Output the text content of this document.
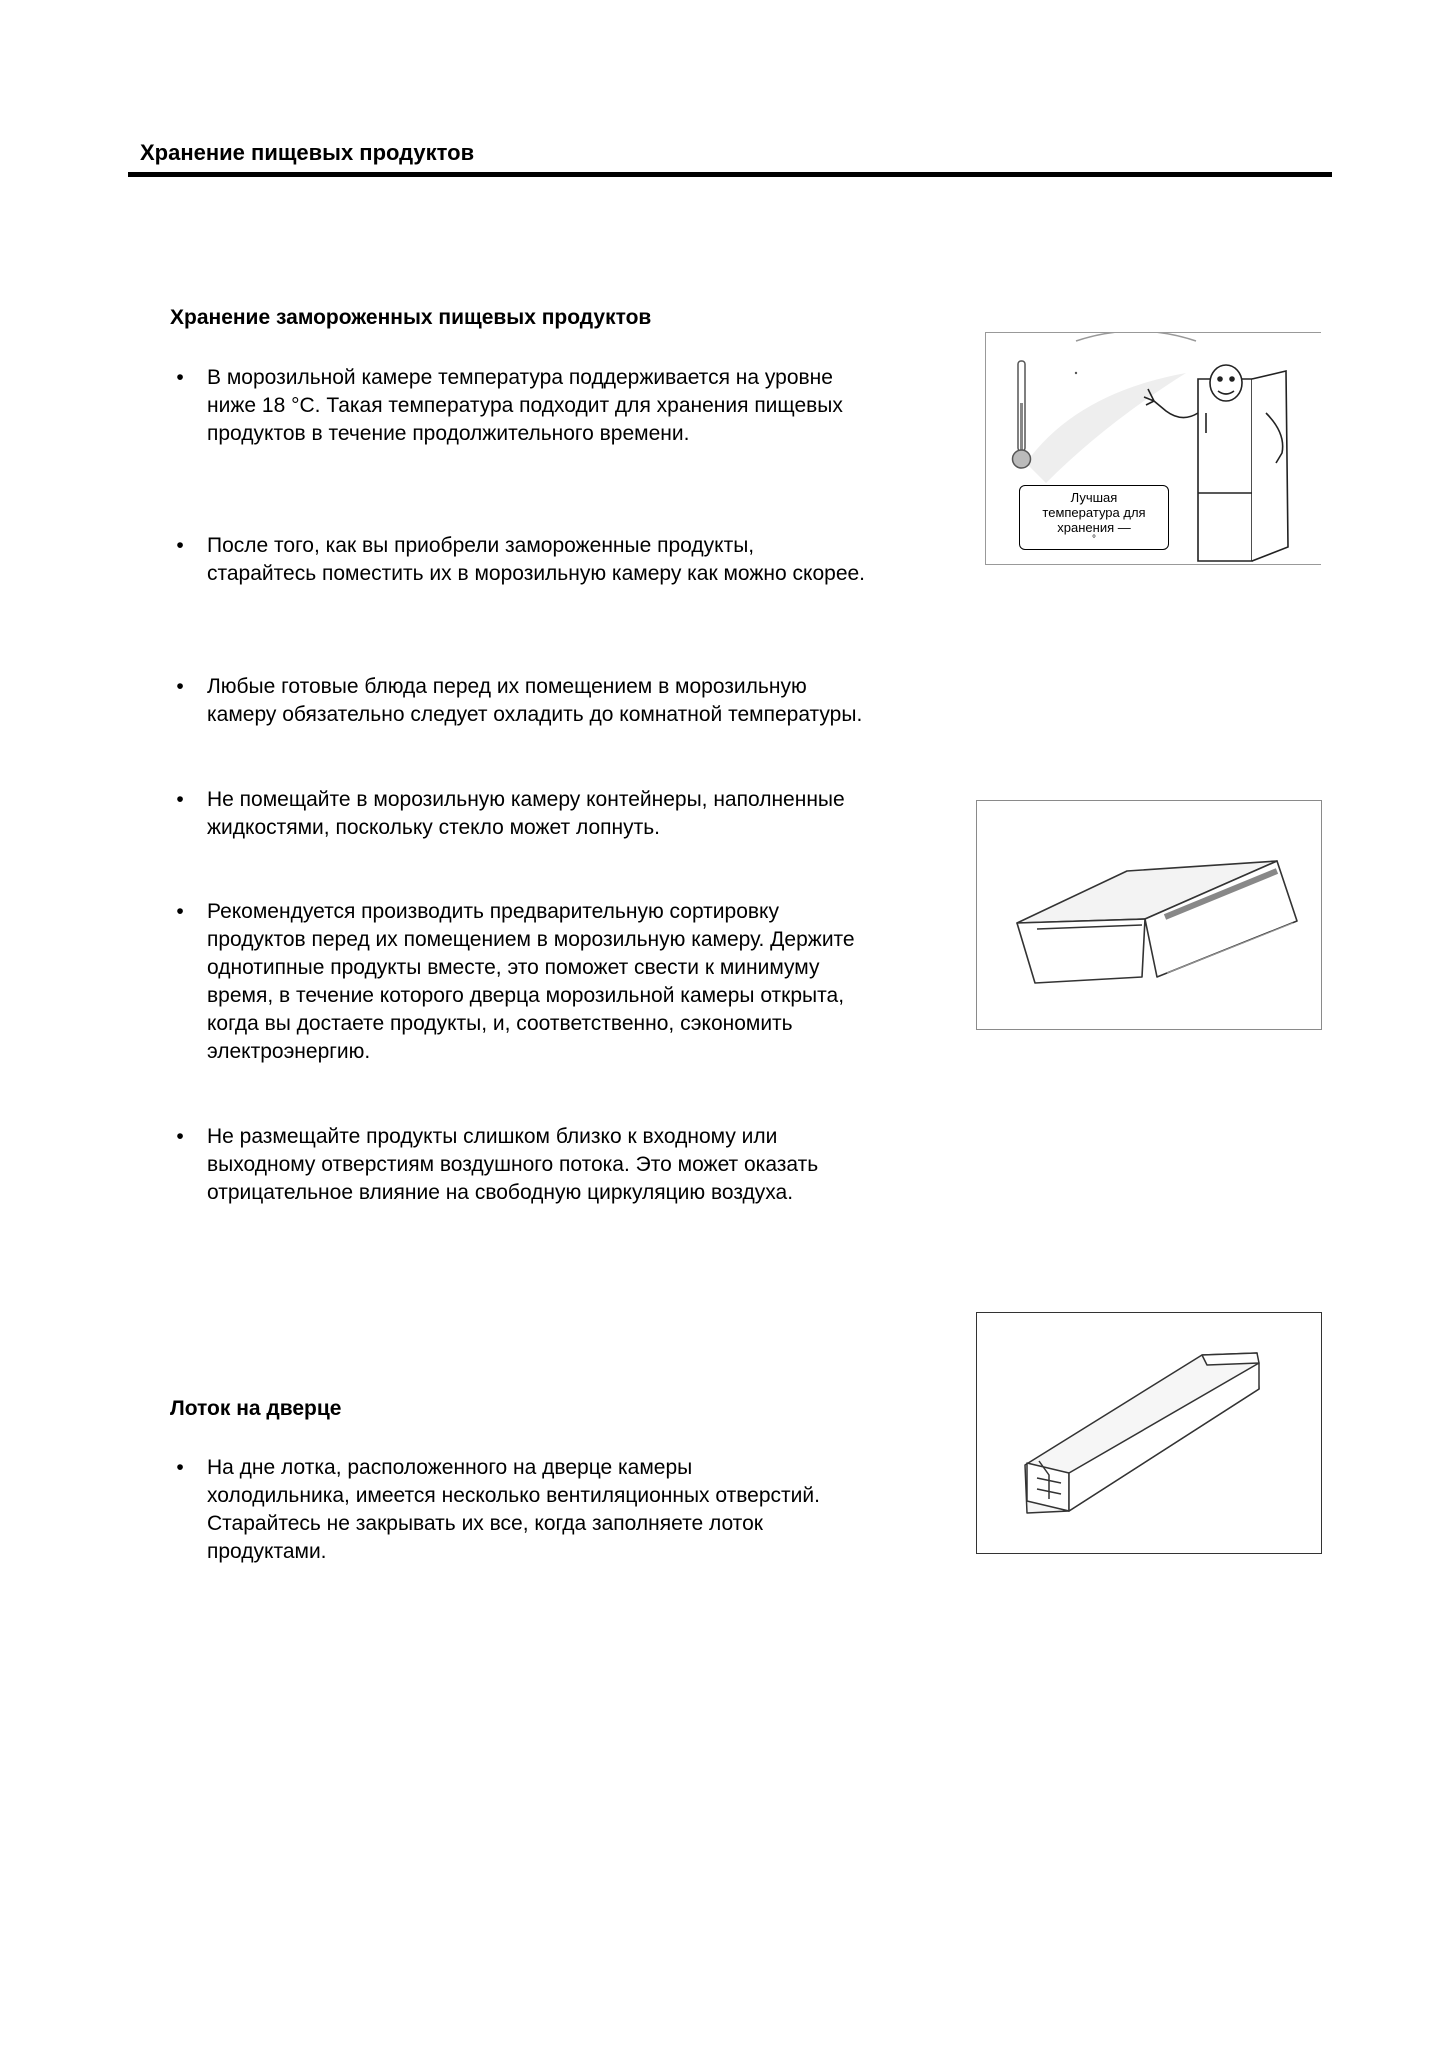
Хранение пищевых продуктов
Хранение замороженных пищевых продуктов
•	В морозильной камере температура поддерживается на уровне ниже 18 °С. Такая температура подходит для хранения пищевых продуктов в течение продолжительного времени.
•	После того, как вы приобрели замороженные продукты, старайтесь поместить их в морозильную камеру как можно скорее.
•	Любые готовые блюда перед их помещением в морозильную камеру обязательно следует охладить до комнатной температуры.
•	Не помещайте в морозильную камеру контейнеры, наполненные жидкостями, поскольку стекло может лопнуть.
•	Рекомендуется производить предварительную сортировку продуктов перед их помещением в морозильную камеру. Держите однотипные продукты вместе, это поможет свести к минимуму время, в течение которого дверца морозильной камеры открыта, когда вы достаете продукты, и, соответственно, сэкономить электроэнергию.
•	Не размещайте продукты слишком близко к входному или выходному отверстиям воздушного потока. Это может оказать отрицательное влияние на свободную циркуляцию воздуха.
Лоток на дверце
•	На дне лотка, расположенного на дверце камеры холодильника, имеется несколько вентиляционных отверстий. Старайтесь не закрывать их все, когда заполняете лоток продуктами.
Лучшая
температура для
хранения —
°
